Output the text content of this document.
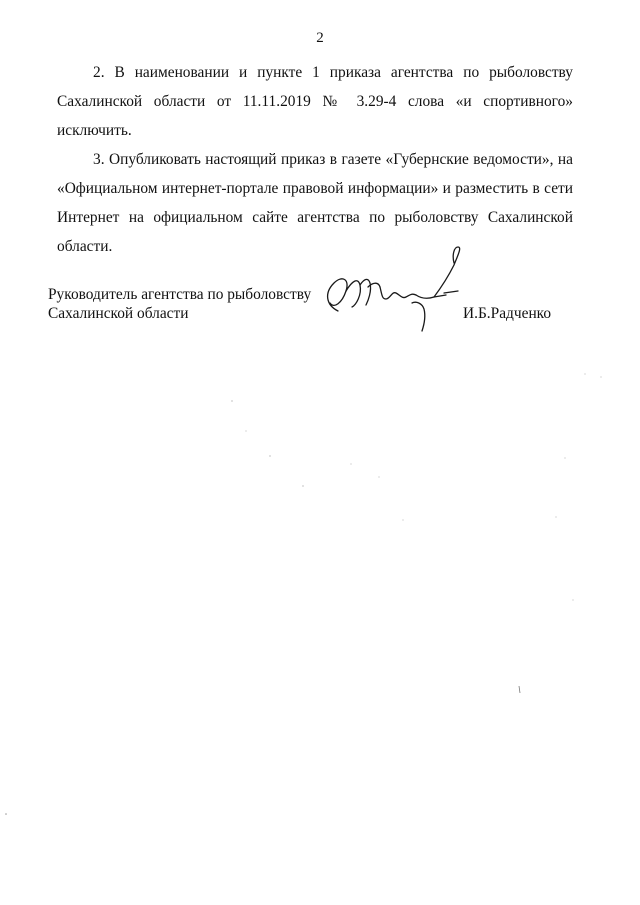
2

2. В наименовании и пункте 1 приказа агентства по рыболовству Сахалинской области от 11.11.2019 № 3.29-4 слова «и спортивного» исключить.

3. Опубликовать настоящий приказ в газете «Губернские ведомости», на «Официальном интернет-портале правовой информации» и разместить в сети Интернет на официальном сайте агентства по рыболовству Сахалинской области.

Руководитель агентства по рыболовству
Сахалинской области	И.Б.Радченко
